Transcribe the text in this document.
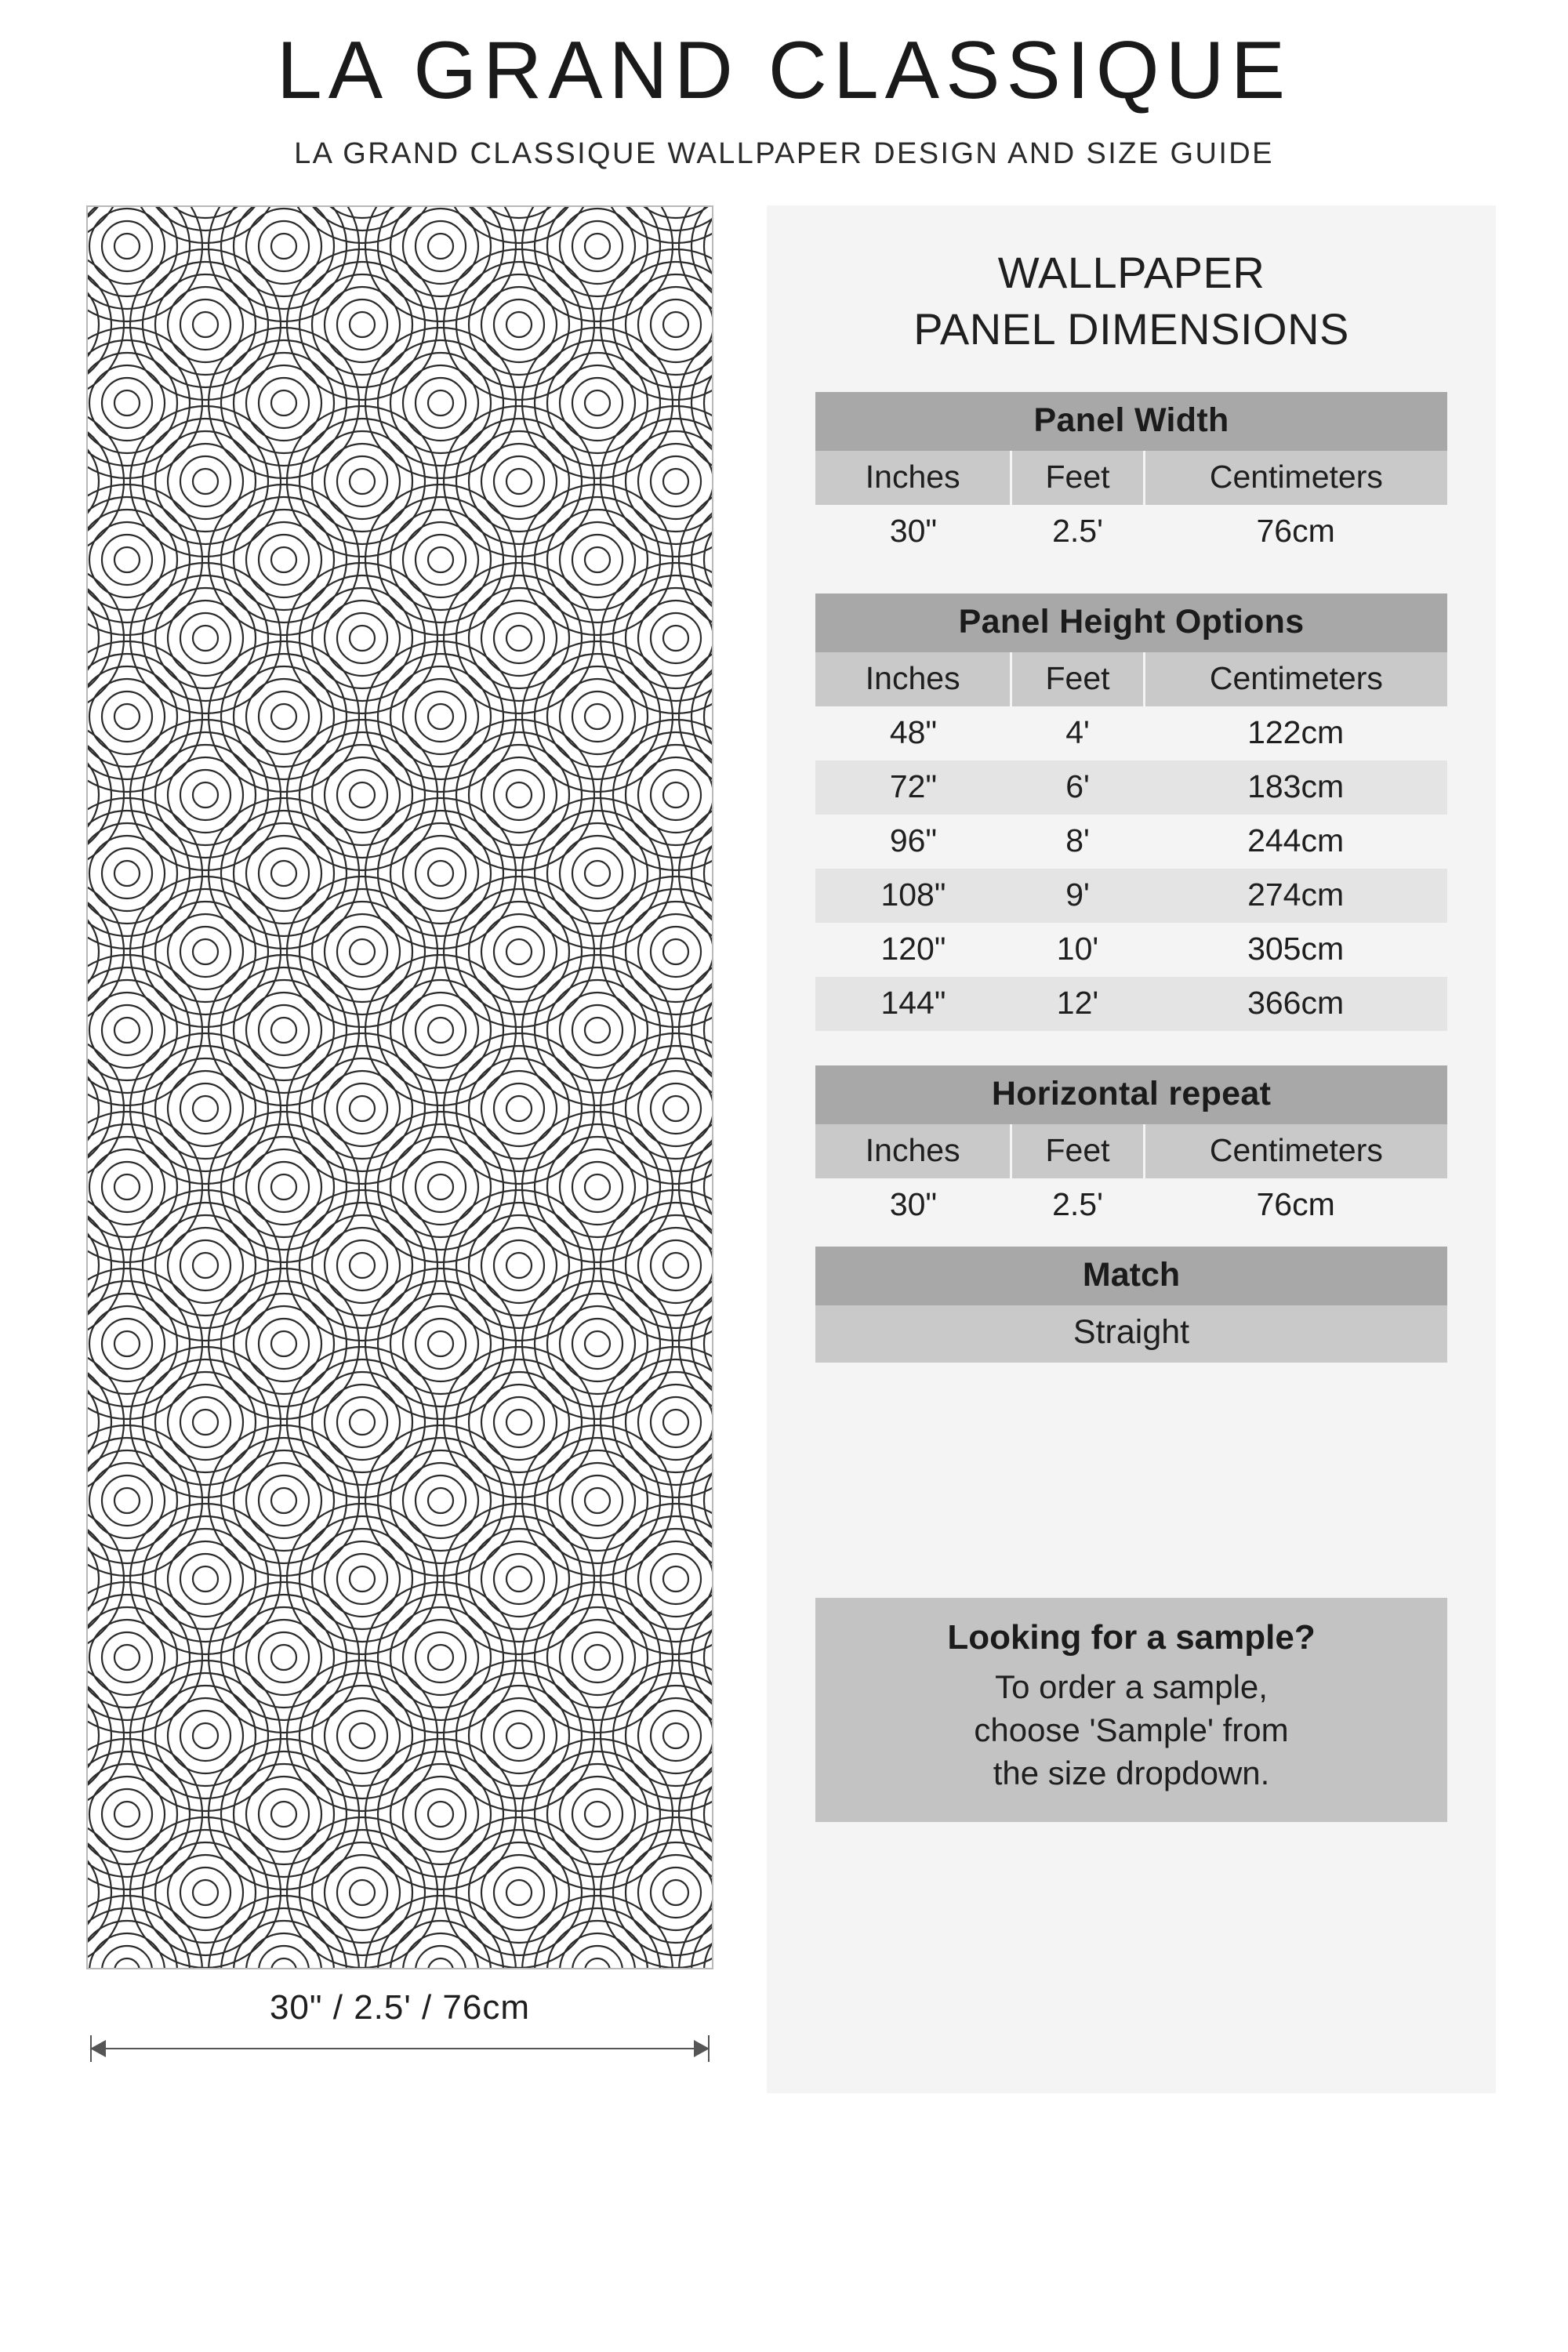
LA GRAND CLASSIQUE
LA GRAND CLASSIQUE WALLPAPER DESIGN AND SIZE GUIDE
30" / 2.5' / 76cm
WALLPAPER
PANEL DIMENSIONS
Panel Width		
Inches	Feet	Centimeters
30"	2.5'	76cm
Panel Height Options		
Inches	Feet	Centimeters
48"	4'	122cm
72"	6'	183cm
96"	8'	244cm
108"	9'	274cm
120"	10'	305cm
144"	12'	366cm
Horizontal repeat		
Inches	Feet	Centimeters
30"	2.5'	76cm
Match
Straight
Looking for a sample?
To order a sample,
choose 'Sample' from
the size dropdown.
